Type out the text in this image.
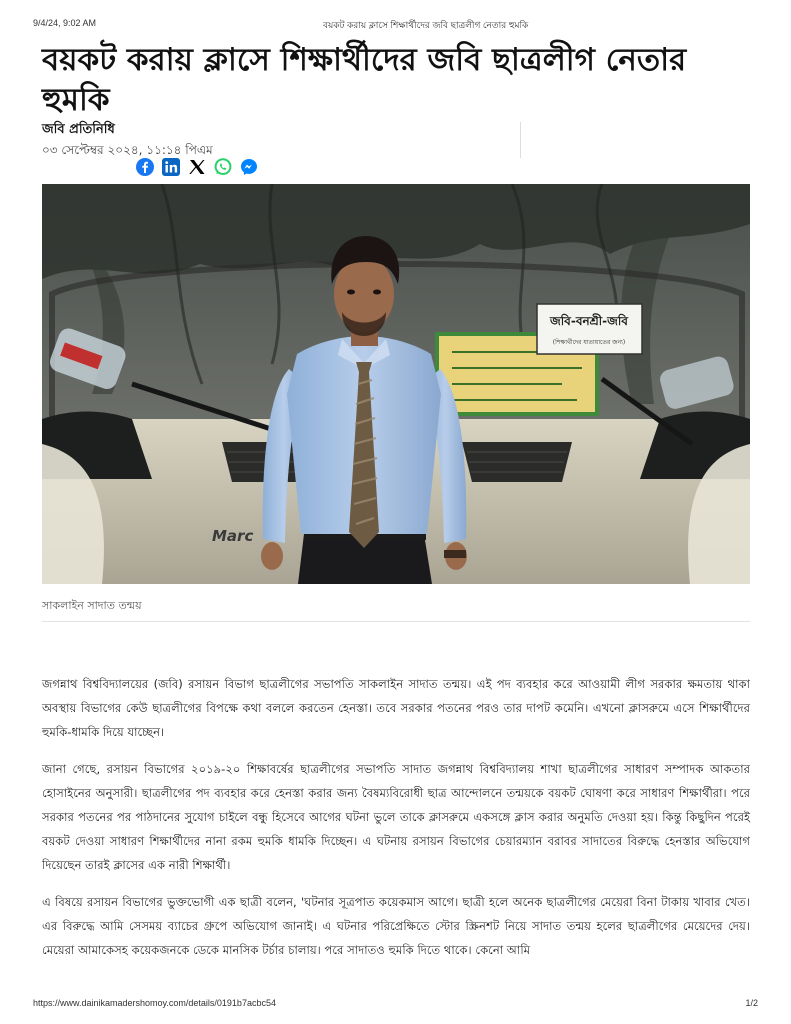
9/4/24, 9:02 AM	বয়কট করায় ক্লাসে শিক্ষার্থীদের জবি ছাত্রলীগ নেতার হুমকি
বয়কট করায় ক্লাসে শিক্ষার্থীদের জবি ছাত্রলীগ নেতার হুমকি
জবি প্রতিনিধি
০৩ সেপ্টেম্বর ২০২৪, ১১:১৪ পিএম
জবি-বনশ্রী-জবি
(শিক্ষার্থীদের যাতায়াতের জন্য)
Marc
সাকলাইন সাদাত তন্ময়

জগন্নাথ বিশ্ববিদ্যালয়ের (জবি) রসায়ন বিভাগ ছাত্রলীগের সভাপতি সাকলাইন সাদাত তন্ময়। এই পদ ব্যবহার করে আওয়ামী লীগ সরকার ক্ষমতায় থাকা অবস্থায় বিভাগের কেউ ছাত্রলীগের বিপক্ষে কথা বললে করতেন হেনস্তা। তবে সরকার পতনের পরও তার দাপট কমেনি। এখনো ক্লাসরুমে এসে শিক্ষার্থীদের হুমকি-ধামকি দিয়ে যাচ্ছেন।

জানা গেছে, রসায়ন বিভাগের ২০১৯-২০ শিক্ষাবর্ষের ছাত্রলীগের সভাপতি সাদাত জগন্নাথ বিশ্ববিদ্যালয় শাখা ছাত্রলীগের সাধারণ সম্পাদক আকতার হোসাইনের অনুসারী। ছাত্রলীগের পদ ব্যবহার করে হেনস্তা করার জন্য বৈষম্যবিরোধী ছাত্র আন্দোলনে তন্ময়কে বয়কট ঘোষণা করে সাধারণ শিক্ষার্থীরা। পরে সরকার পতনের পর পাঠদানের সুযোগ চাইলে বন্ধু হিসেবে আগের ঘটনা ভুলে তাকে ক্লাসরুমে একসঙ্গে ক্লাস করার অনুমতি দেওয়া হয়। কিন্তু কিছুদিন পরেই বয়কট দেওয়া সাধারণ শিক্ষার্থীদের নানা রকম হুমকি ধামকি দিচ্ছেন। এ ঘটনায় রসায়ন বিভাগের চেয়ারম্যান বরাবর সাদাতের বিরুদ্ধে হেনস্তার অভিযোগ দিয়েছেন তারই ক্লাসের এক নারী শিক্ষার্থী।

এ বিষয়ে রসায়ন বিভাগের ভুক্তভোগী এক ছাত্রী বলেন, 'ঘটনার সূত্রপাত কয়েকমাস আগে। ছাত্রী হলে অনেক ছাত্রলীগের মেয়েরা বিনা টাকায় খাবার খেত। এর বিরুদ্ধে আমি সেসময় ব্যাচের গ্রুপে অভিযোগ জানাই। এ ঘটনার পরিপ্রেক্ষিতে স্টোর স্ক্রিনশট নিয়ে সাদাত তন্ময় হলের ছাত্রলীগের মেয়েদের দেয়। মেয়েরা আমাকেসহ কয়েকজনকে ডেকে মানসিক টর্চার চালায়। পরে সাদাতও হুমকি দিতে থাকে। কেনো আমি

https://www.dainikamadershomoy.com/details/0191b7acbc54	1/2
